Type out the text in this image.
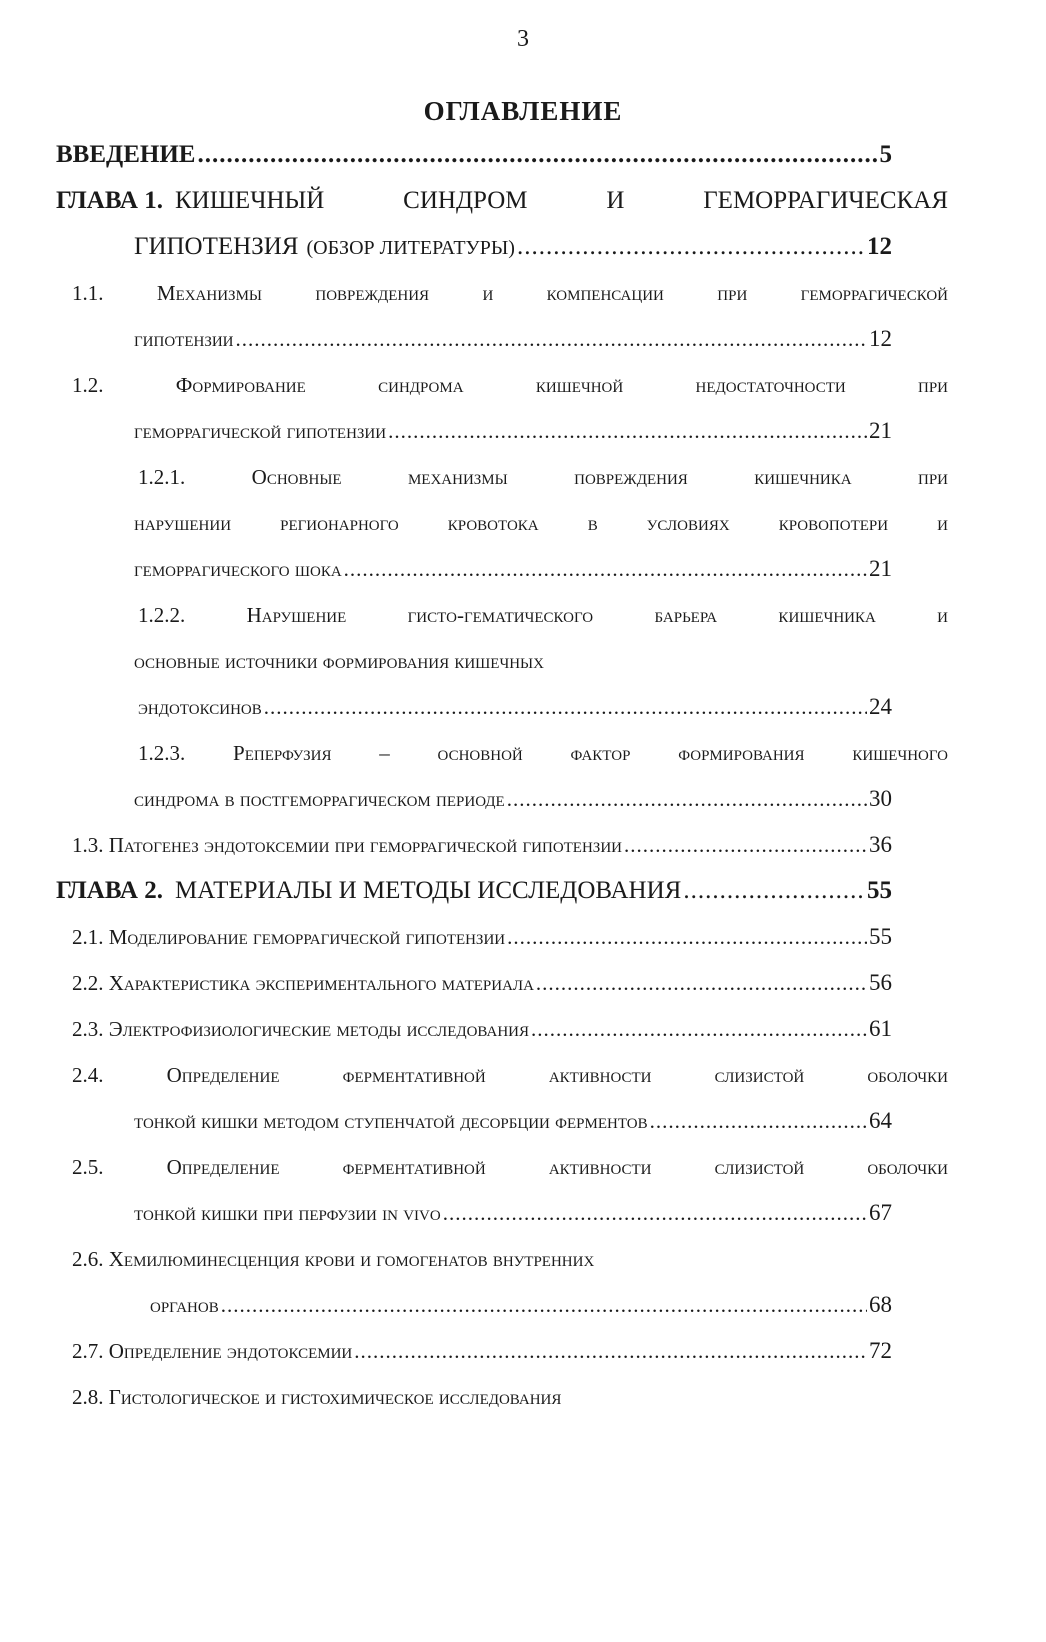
3
ОГЛАВЛЕНИЕ
ВВЕДЕНИЕ .....	5
ГЛАВА 1. КИШЕЧНЫЙ СИНДРОМ И ГЕМОРРАГИЧЕСКАЯ
ГИПОТЕНЗИЯ (ОБЗОР ЛИТЕРАТУРЫ) .....	12
1.1. Механизмы повреждения и компенсации при геморрагической
гипотензии .....	12
1.2. Формирование синдрома кишечной недостаточности при
геморрагической гипотензии .....	21
1.2.1. Основные механизмы повреждения кишечника при
нарушении регионарного кровотока в условиях кровопотери и
геморрагического шока .....	21
1.2.2. Нарушение гисто-гематического барьера кишечника и
основные источники формирования кишечных
эндотоксинов .....	24
1.2.3. Реперфузия – основной фактор формирования кишечного
синдрома в постгеморрагическом периоде .....	30
1.3. Патогенез эндотоксемии при геморрагической гипотензии .....	36
ГЛАВА 2. МАТЕРИАЛЫ И МЕТОДЫ ИССЛЕДОВАНИЯ .....	55
2.1. Моделирование геморрагической гипотензии .....	55
2.2. Характеристика экспериментального материала .....	56
2.3. Электрофизиологические методы исследования .....	61
2.4. Определение ферментативной активности слизистой оболочки
тонкой кишки методом ступенчатой десорбции ферментов .....	64
2.5. Определение ферментативной активности слизистой оболочки
тонкой кишки при перфузии in vivo .....	67
2.6. Хемилюминесценция крови и гомогенатов внутренних
органов .....	68
2.7. Определение эндотоксемии .....	72
2.8. Гистологическое и гистохимическое исследования
